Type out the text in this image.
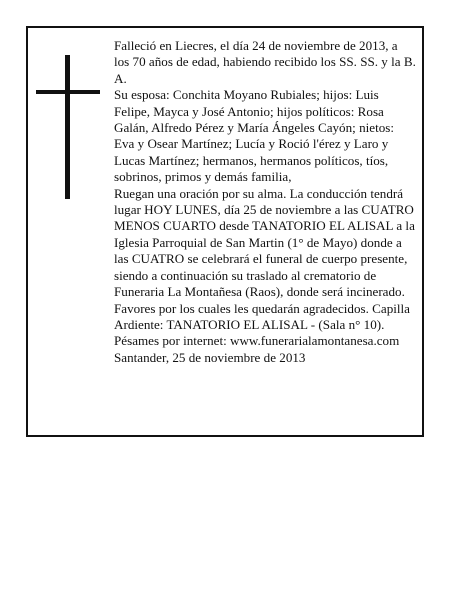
Falleció en Liecres, el día 24 de noviembre de 2013, a los 70 años de edad, habiendo recibido los SS. SS. y la B. A.

Su esposa: Conchita Moyano Rubiales; hijos: Luis Felipe, Mayca y José Antonio; hijos políticos: Rosa Galán, Alfredo Pérez y María Ángeles Cayón; nietos: Eva y Osear Martínez; Lucía y Roció l'érez y Laro y Lucas Martínez; hermanos, hermanos políticos, tíos, sobrinos, primos y demás familia,

Ruegan una oración por su alma. La conducción tendrá lugar HOY LUNES, día 25 de noviembre a las CUATRO MENOS CUARTO desde TANATORIO EL ALISAL a la Iglesia Parroquial de San Martin (1° de Mayo) donde a las CUATRO se celebrará el funeral de cuerpo presente, siendo a continuación su traslado al crematorio de Funeraria La Montañesa (Raos), donde será incinerado. Favores por los cuales les quedarán agradecidos. Capilla Ardiente: TANATORIO EL ALISAL - (Sala n° 10).

Pésames por internet: www.funerarialamontanesa.com

Santander, 25 de noviembre de 2013
